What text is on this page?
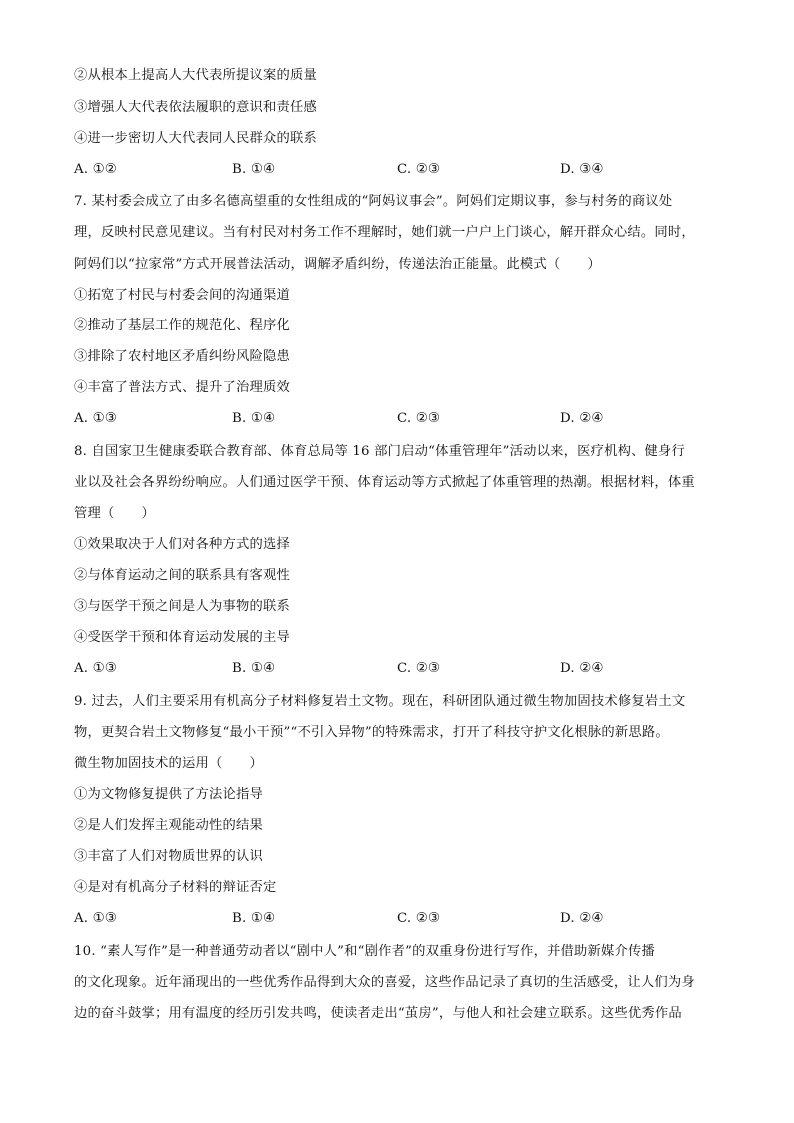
②从根本上提高人大代表所提议案的质量
③增强人大代表依法履职的意识和责任感
④进一步密切人大代表同人民群众的联系
A. ①②	B. ①④	C. ②③	D. ③④
7. 某村委会成立了由多名德高望重的女性组成的“阿妈议事会”。阿妈们定期议事，参与村务的商议处
理，反映村民意见建议。当有村民对村务工作不理解时，她们就一户户上门谈心，解开群众心结。同时，
阿妈们以“拉家常”方式开展普法活动，调解矛盾纠纷，传递法治正能量。此模式（　　）
①拓宽了村民与村委会间的沟通渠道
②推动了基层工作的规范化、程序化
③排除了农村地区矛盾纠纷风险隐患
④丰富了普法方式、提升了治理质效
A. ①③	B. ①④	C. ②③	D. ②④
8. 自国家卫生健康委联合教育部、体育总局等 16 部门启动“体重管理年”活动以来，医疗机构、健身行
业以及社会各界纷纷响应。人们通过医学干预、体育运动等方式掀起了体重管理的热潮。根据材料，体重
管理（　　）
①效果取决于人们对各种方式的选择
②与体育运动之间的联系具有客观性
③与医学干预之间是人为事物的联系
④受医学干预和体育运动发展的主导
A. ①③	B. ①④	C. ②③	D. ②④
9. 过去，人们主要采用有机高分子材料修复岩土文物。现在，科研团队通过微生物加固技术修复岩土文
物，更契合岩土文物修复“最小干预”“不引入异物”的特殊需求，打开了科技守护文化根脉的新思路。
微生物加固技术的运用（　　）
①为文物修复提供了方法论指导
②是人们发挥主观能动性的结果
③丰富了人们对物质世界的认识
④是对有机高分子材料的辩证否定
A. ①③	B. ①④	C. ②③	D. ②④
10. “素人写作”是一种普通劳动者以“剧中人”和“剧作者”的双重身份进行写作，并借助新媒介传播
的文化现象。近年涌现出的一些优秀作品得到大众的喜爱，这些作品记录了真切的生活感受，让人们为身
边的奋斗鼓掌；用有温度的经历引发共鸣，使读者走出“茧房”，与他人和社会建立联系。这些优秀作品
